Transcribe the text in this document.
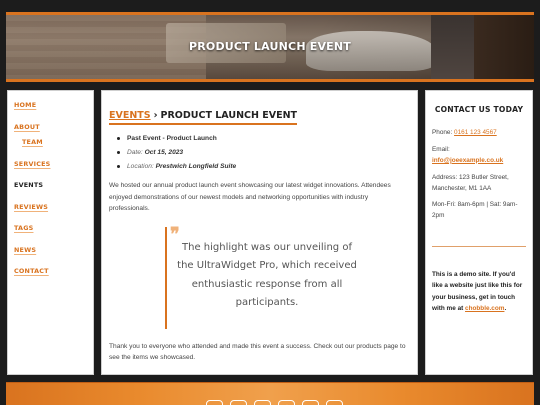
PRODUCT LAUNCH EVENT
HOME
ABOUT
TEAM
SERVICES
EVENTS
REVIEWS
TAGS
NEWS
CONTACT
EVENTS › PRODUCT LAUNCH EVENT
Past Event - Product Launch
Date: Oct 15, 2023
Location: Prestwich Longfield Suite

We hosted our annual product launch event showcasing our latest widget innovations. Attendees enjoyed demonstrations of our newest models and networking opportunities with industry professionals.

❞
The highlight was our unveiling of the UltraWidget Pro, which received enthusiastic response from all participants.

Thank you to everyone who attended and made this event a success. Check out our products page to see the items we showcased.

CONTACT US TODAY
Phone: 0161 123 4567
Email:
info@joeexample.co.uk
Address: 123 Butler Street, Manchester, M1 1AA
Mon-Fri: 8am-6pm | Sat: 9am-2pm
This is a demo site. If you'd like a website just like this for your business, get in touch with me at chobble.com.
